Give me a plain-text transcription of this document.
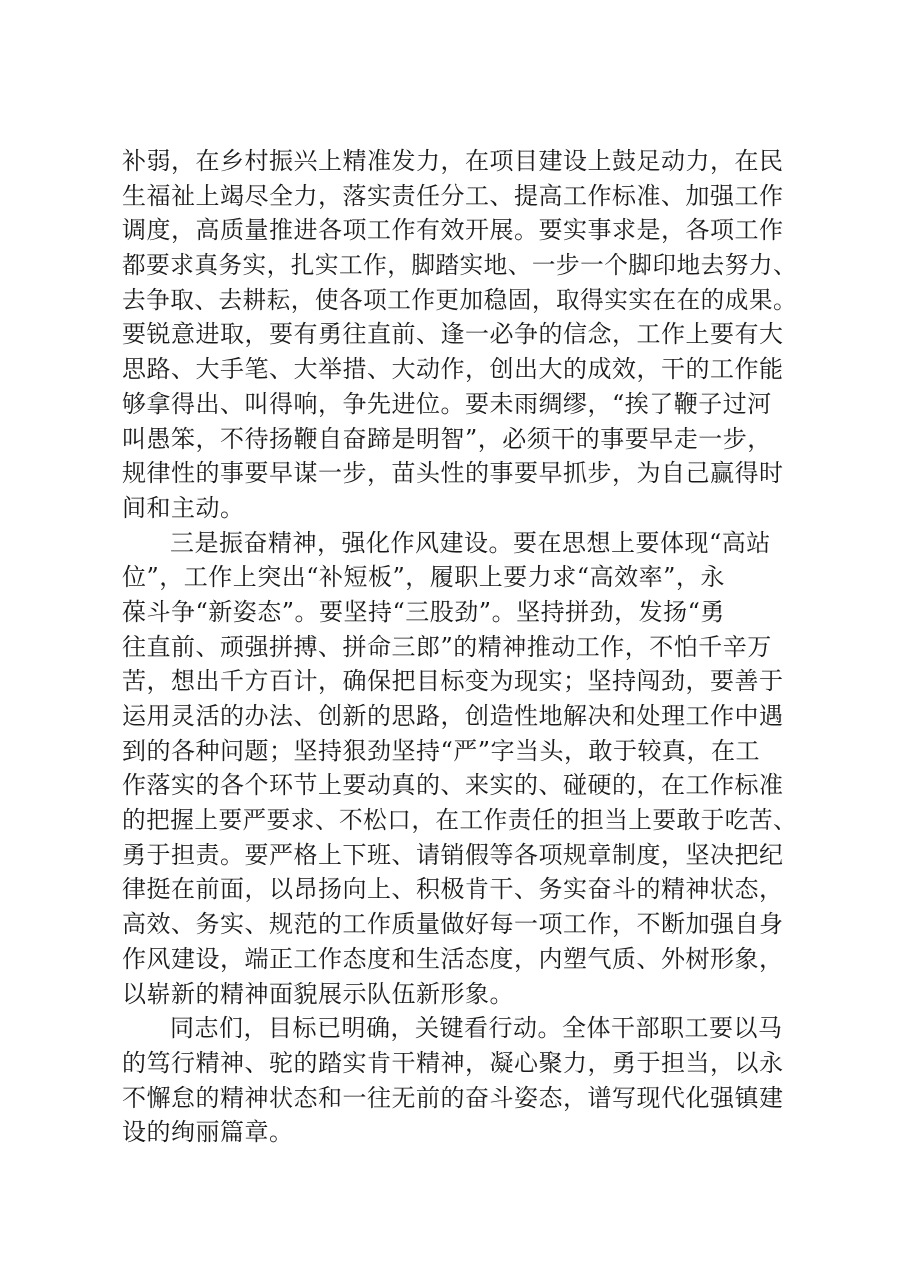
补弱，在乡村振兴上精准发力，在项目建设上鼓足动力，在民
生福祉上竭尽全力，落实责任分工、提高工作标准、加强工作
调度，高质量推进各项工作有效开展。要实事求是，各项工作
都要求真务实，扎实工作，脚踏实地、一步一个脚印地去努力、
去争取、去耕耘，使各项工作更加稳固，取得实实在在的成果。
要锐意进取，要有勇往直前、逢一必争的信念，工作上要有大
思路、大手笔、大举措、大动作，创出大的成效，干的工作能
够拿得出、叫得响，争先进位。要未雨绸缪，“挨了鞭子过河
叫愚笨，不待扬鞭自奋蹄是明智”，必须干的事要早走一步，
规律性的事要早谋一步，苗头性的事要早抓步，为自己赢得时
间和主动。
三是振奋精神，强化作风建设。要在思想上要体现“高站
位”，工作上突出“补短板”，履职上要力求“高效率”，永
葆斗争“新姿态”。要坚持“三股劲”。坚持拼劲，发扬“勇
往直前、顽强拼搏、拼命三郎”的精神推动工作，不怕千辛万
苦，想出千方百计，确保把目标变为现实；坚持闯劲，要善于
运用灵活的办法、创新的思路，创造性地解决和处理工作中遇
到的各种问题；坚持狠劲坚持“严”字当头，敢于较真，在工
作落实的各个环节上要动真的、来实的、碰硬的，在工作标准
的把握上要严要求、不松口，在工作责任的担当上要敢于吃苦、
勇于担责。要严格上下班、请销假等各项规章制度，坚决把纪
律挺在前面，以昂扬向上、积极肯干、务实奋斗的精神状态，
高效、务实、规范的工作质量做好每一项工作，不断加强自身
作风建设，端正工作态度和生活态度，内塑气质、外树形象，
以崭新的精神面貌展示队伍新形象。
同志们，目标已明确，关键看行动。全体干部职工要以马
的笃行精神、驼的踏实肯干精神，凝心聚力，勇于担当，以永
不懈怠的精神状态和一往无前的奋斗姿态，谱写现代化强镇建
设的绚丽篇章。
